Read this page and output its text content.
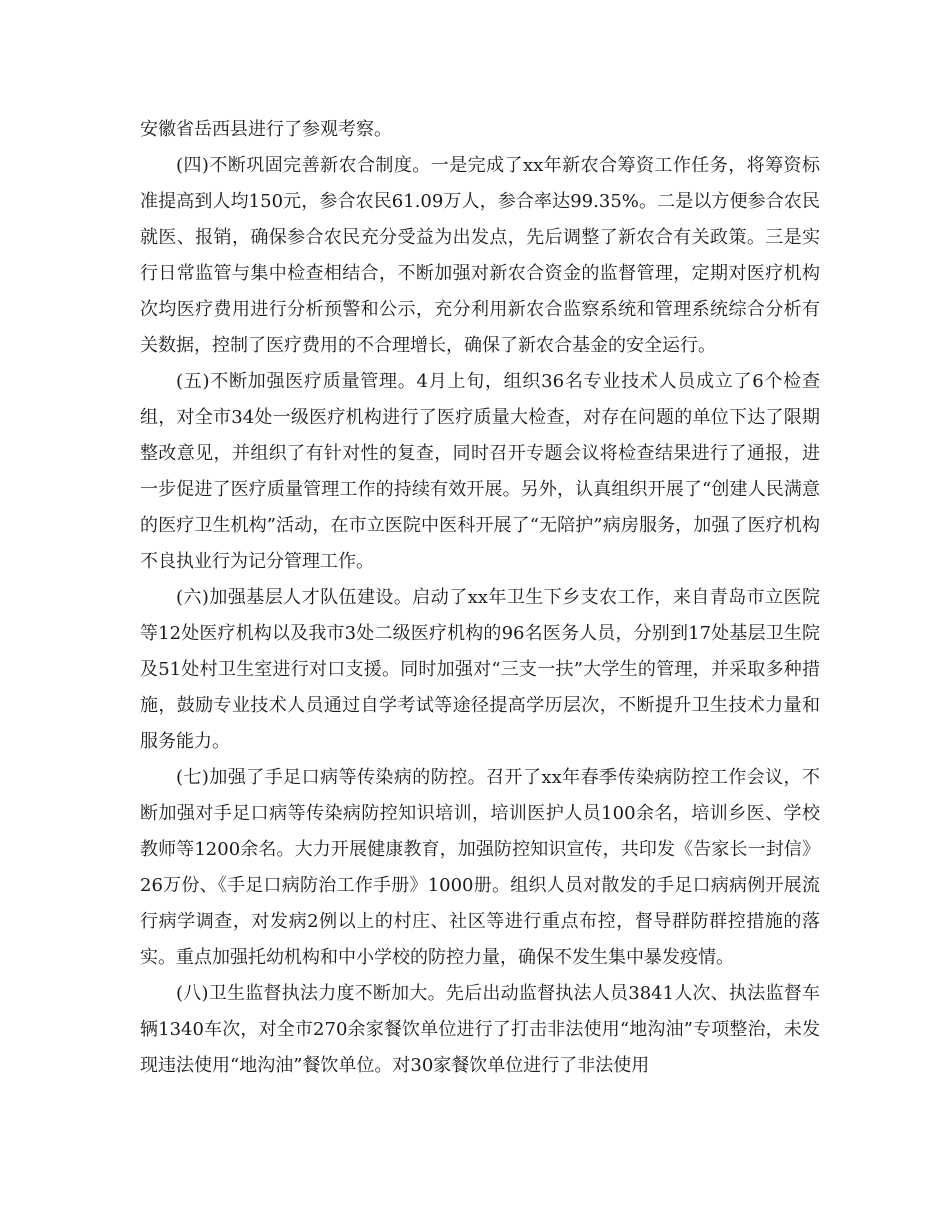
安徽省岳西县进行了参观考察。

(四)不断巩固完善新农合制度。一是完成了xx年新农合筹资工作任务，将筹资标准提高到人均150元，参合农民61.09万人，参合率达99.35%。二是以方便参合农民就医、报销，确保参合农民充分受益为出发点，先后调整了新农合有关政策。三是实行日常监管与集中检查相结合，不断加强对新农合资金的监督管理，定期对医疗机构次均医疗费用进行分析预警和公示，充分利用新农合监察系统和管理系统综合分析有关数据，控制了医疗费用的不合理增长，确保了新农合基金的安全运行。

(五)不断加强医疗质量管理。4月上旬，组织36名专业技术人员成立了6个检查组，对全市34处一级医疗机构进行了医疗质量大检查，对存在问题的单位下达了限期整改意见，并组织了有针对性的复查，同时召开专题会议将检查结果进行了通报，进一步促进了医疗质量管理工作的持续有效开展。另外，认真组织开展了“创建人民满意的医疗卫生机构”活动，在市立医院中医科开展了“无陪护”病房服务，加强了医疗机构不良执业行为记分管理工作。

(六)加强基层人才队伍建设。启动了xx年卫生下乡支农工作，来自青岛市立医院等12处医疗机构以及我市3处二级医疗机构的96名医务人员，分别到17处基层卫生院及51处村卫生室进行对口支援。同时加强对“三支一扶”大学生的管理，并采取多种措施，鼓励专业技术人员通过自学考试等途径提高学历层次，不断提升卫生技术力量和服务能力。

(七)加强了手足口病等传染病的防控。召开了xx年春季传染病防控工作会议，不断加强对手足口病等传染病防控知识培训，培训医护人员100余名，培训乡医、学校教师等1200余名。大力开展健康教育，加强防控知识宣传，共印发《告家长一封信》26万份、《手足口病防治工作手册》1000册。组织人员对散发的手足口病病例开展流行病学调查，对发病2例以上的村庄、社区等进行重点布控，督导群防群控措施的落实。重点加强托幼机构和中小学校的防控力量，确保不发生集中暴发疫情。

(八)卫生监督执法力度不断加大。先后出动监督执法人员3841人次、执法监督车辆1340车次，对全市270余家餐饮单位进行了打击非法使用“地沟油”专项整治，未发现违法使用“地沟油”餐饮单位。对30家餐饮单位进行了非法使用
